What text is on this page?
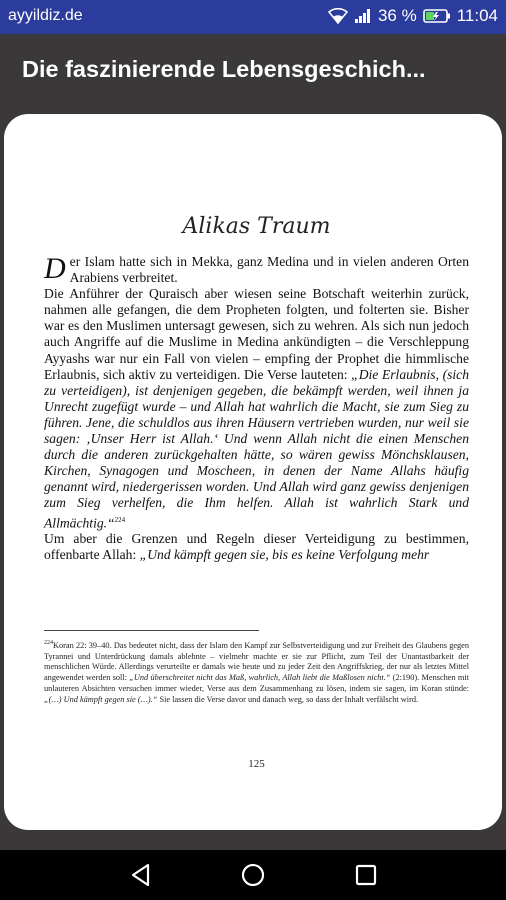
ayyildiz.de	36 % 11:04
Die faszinierende Lebensgeschich...
Alikas Traum

Der Islam hatte sich in Mekka, ganz Medina und in vielen anderen Orten Arabiens verbreitet.

Die Anführer der Quraisch aber wiesen seine Botschaft weiterhin zurück, nahmen alle gefangen, die dem Propheten folgten, und folterten sie. Bisher war es den Muslimen untersagt gewesen, sich zu wehren. Als sich nun jedoch auch Angriffe auf die Muslime in Medina ankündigten – die Verschleppung Ayyashs war nur ein Fall von vielen – empfing der Prophet die himmlische Erlaubnis, sich aktiv zu verteidigen. Die Verse lauteten: „Die Erlaubnis, (sich zu verteidigen), ist denjenigen gegeben, die bekämpft werden, weil ihnen ja Unrecht zugefügt wurde – und Allah hat wahrlich die Macht, sie zum Sieg zu führen. Jene, die schuldlos aus ihren Häusern vertrieben wurden, nur weil sie sagen: ‚Unser Herr ist Allah.‘ Und wenn Allah nicht die einen Menschen durch die anderen zurückgehalten hätte, so wären gewiss Mönchsklausen, Kirchen, Synagogen und Moscheen, in denen der Name Allahs häufig genannt wird, niedergerissen worden. Und Allah wird ganz gewiss denjenigen zum Sieg verhelfen, die Ihm helfen. Allah ist wahrlich Stark und Allmächtig.“$^{224}$

Um aber die Grenzen und Regeln dieser Verteidigung zu bestimmen, offenbarte Allah: „Und kämpft gegen sie, bis es keine Verfolgung mehr

$^{224}$Koran 22: 39–40. Das bedeutet nicht, dass der Islam den Kampf zur Selbstverteidigung und zur Freiheit des Glaubens gegen Tyrannei und Unterdrückung damals ablehnte – vielmehr machte er sie zur Pflicht, zum Teil der Unantastbarkeit der menschlichen Würde. Allerdings verurteilte er damals wie heute und zu jeder Zeit den Angriffskrieg, der nur als letztes Mittel angewendet werden soll: „Und überschreitet nicht das Maß, wahrlich, Allah liebt die Maßlosen nicht.“ (2:190). Menschen mit unlauteren Absichten versuchen immer wieder, Verse aus dem Zusammenhang zu lösen, indem sie sagen, im Koran stünde: „(…) Und kämpft gegen sie (…).“ Sie lassen die Verse davor und danach weg, so dass der Inhalt verfälscht wird.
125
